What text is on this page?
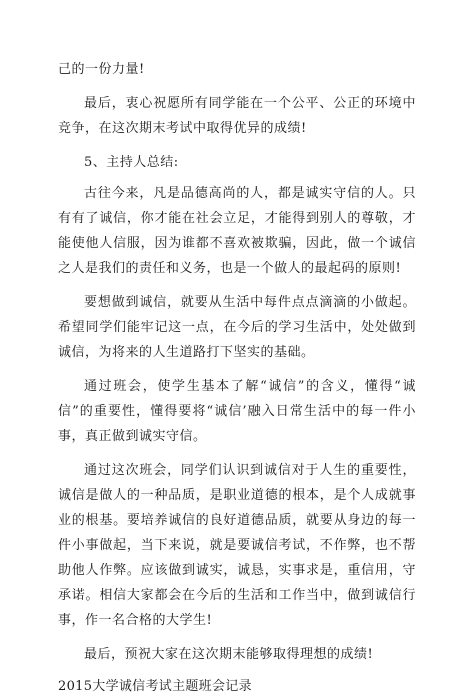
己的一份力量!

最后，衷心祝愿所有同学能在一个公平、公正的环境中竞争，在这次期末考试中取得优异的成绩!

5、主持人总结:

古往今来，凡是品德高尚的人，都是诚实守信的人。只有有了诚信，你才能在社会立足，才能得到别人的尊敬，才能使他人信服，因为谁都不喜欢被欺骗，因此，做一个诚信之人是我们的责任和义务，也是一个做人的最起码的原则!

要想做到诚信，就要从生活中每件点点滴滴的小做起。希望同学们能牢记这一点，在今后的学习生活中，处处做到诚信，为将来的人生道路打下坚实的基础。

通过班会，使学生基本了解“诚信”的含义，懂得“诚信”的重要性，懂得要将“诚信’融入日常生活中的每一件小事，真正做到诚实守信。

通过这次班会，同学们认识到诚信对于人生的重要性，诚信是做人的一种品质，是职业道德的根本，是个人成就事业的根基。要培养诚信的良好道德品质，就要从身边的每一件小事做起，当下来说，就是要诚信考试，不作弊，也不帮助他人作弊。应该做到诚实，诚恳，实事求是，重信用，守承诺。相信大家都会在今后的生活和工作当中，做到诚信行事，作一名合格的大学生!

最后，预祝大家在这次期末能够取得理想的成绩!

2015大学诚信考试主题班会记录
